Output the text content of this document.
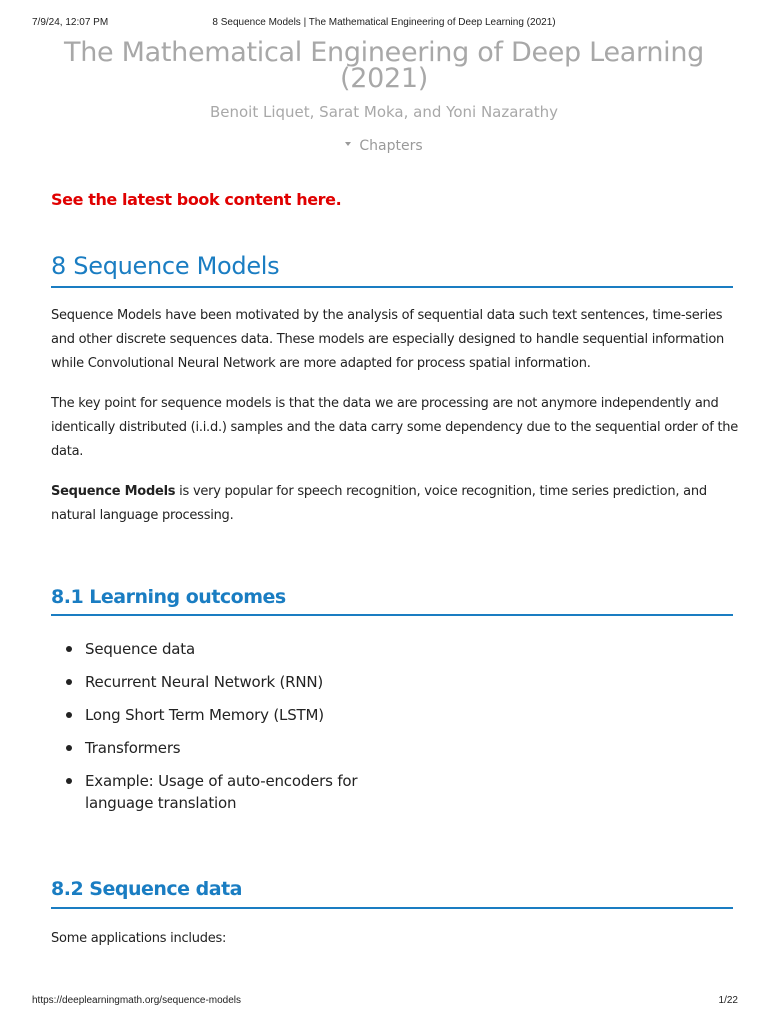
7/9/24, 12:07 PM	8 Sequence Models | The Mathematical Engineering of Deep Learning (2021)
The Mathematical Engineering of Deep Learning
(2021)
Benoit Liquet, Sarat Moka, and Yoni Nazarathy
Chapters
See the latest book content here.
8 Sequence Models
Sequence Models have been motivated by the analysis of sequential data such text sentences, time-series and other discrete sequences data. These models are especially designed to handle sequential information while Convolutional Neural Network are more adapted for process spatial information.
The key point for sequence models is that the data we are processing are not anymore independently and identically distributed (i.i.d.) samples and the data carry some dependency due to the sequential order of the data.
Sequence Models is very popular for speech recognition, voice recognition, time series prediction, and natural language processing.
8.1 Learning outcomes
Sequence data
Recurrent Neural Network (RNN)
Long Short Term Memory (LSTM)
Transformers
Example: Usage of auto-encoders for language translation
8.2 Sequence data
Some applications includes:
https://deeplearningmath.org/sequence-models	1/22
